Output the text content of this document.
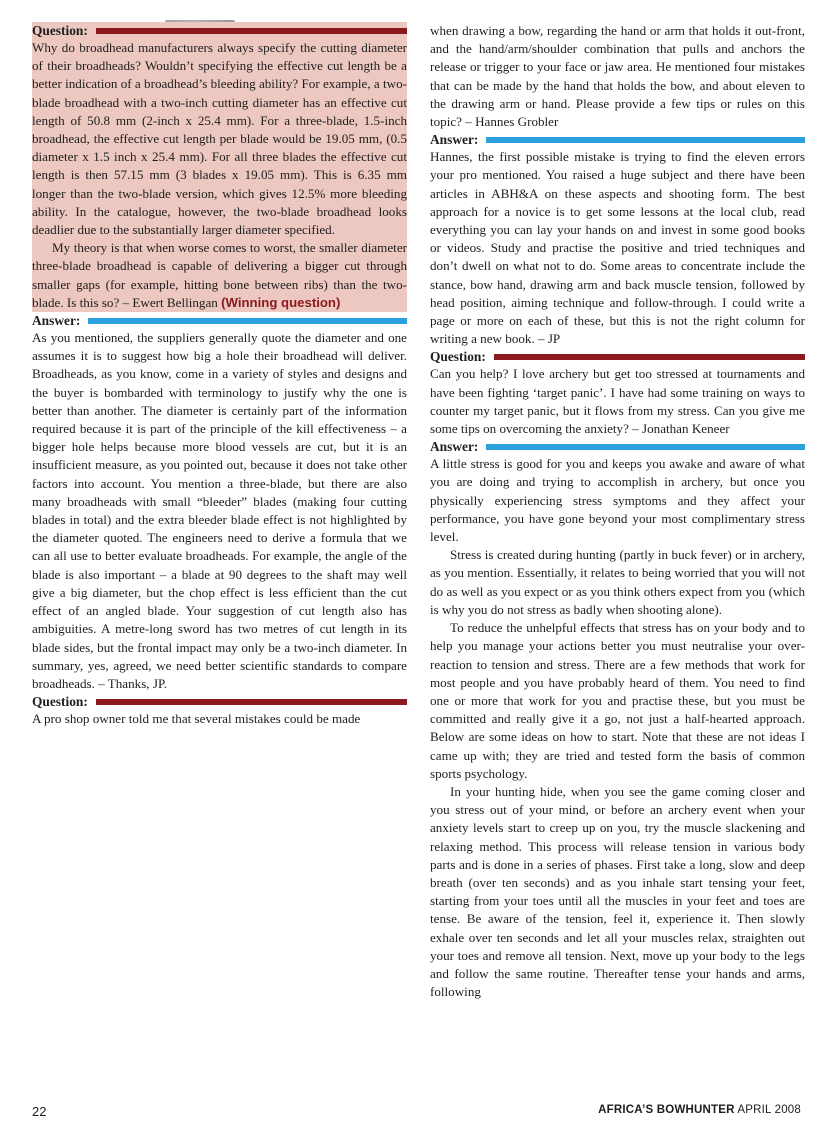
Question:

Why do broadhead manufacturers always specify the cutting diameter of their broadheads? Wouldn’t specifying the effective cut length be a better indication of a broadhead’s bleeding ability? For example, a two-blade broadhead with a two-inch cutting diameter has an effective cut length of 50.8 mm (2-inch x 25.4 mm). For a three-blade, 1.5-inch broadhead, the effective cut length per blade would be 19.05 mm, (0.5 diameter x 1.5 inch x 25.4 mm). For all three blades the effective cut length is then 57.15 mm (3 blades x 19.05 mm). This is 6.35 mm longer than the two-blade version, which gives 12.5% more bleeding ability. In the catalogue, however, the two-blade broadhead looks deadlier due to the substantially larger diameter specified.

My theory is that when worse comes to worst, the smaller diameter three-blade broadhead is capable of delivering a bigger cut through smaller gaps (for example, hitting bone between ribs) than the two-blade. Is this so? – Ewert Bellingan (Winning question)

Answer:

As you mentioned, the suppliers generally quote the diameter and one assumes it is to suggest how big a hole their broadhead will deliver. Broadheads, as you know, come in a variety of styles and designs and the buyer is bombarded with terminology to justify why the one is better than another. The diameter is certainly part of the information required because it is part of the principle of the kill effectiveness – a bigger hole helps because more blood vessels are cut, but it is an insufficient measure, as you pointed out, because it does not take other factors into account. You mention a three-blade, but there are also many broadheads with small “bleeder” blades (making four cutting blades in total) and the extra bleeder blade effect is not highlighted by the diameter quoted. The engineers need to derive a formula that we can all use to better evaluate broadheads. For example, the angle of the blade is also important – a blade at 90 degrees to the shaft may well give a big diameter, but the chop effect is less efficient than the cut effect of an angled blade. Your suggestion of cut length also has ambiguities. A metre-long sword has two metres of cut length in its blade sides, but the frontal impact may only be a two-inch diameter. In summary, yes, agreed, we need better scientific standards to compare broadheads. – Thanks, JP.

Question:

A pro shop owner told me that several mistakes could be made

when drawing a bow, regarding the hand or arm that holds it out-front, and the hand/arm/shoulder combination that pulls and anchors the release or trigger to your face or jaw area. He mentioned four mistakes that can be made by the hand that holds the bow, and about eleven to the drawing arm or hand. Please provide a few tips or rules on this topic? – Hannes Grobler

Answer:

Hannes, the first possible mistake is trying to find the eleven errors your pro mentioned. You raised a huge subject and there have been articles in ABH&A on these aspects and shooting form. The best approach for a novice is to get some lessons at the local club, read everything you can lay your hands on and invest in some good books or videos. Study and practise the positive and tried techniques and don’t dwell on what not to do. Some areas to concentrate include the stance, bow hand, drawing arm and back muscle tension, followed by head position, aiming technique and follow-through. I could write a page or more on each of these, but this is not the right column for writing a new book. – JP

Question:

Can you help? I love archery but get too stressed at tournaments and have been fighting ‘target panic’. I have had some training on ways to counter my target panic, but it flows from my stress. Can you give me some tips on overcoming the anxiety? – Jonathan Keneer

Answer:

A little stress is good for you and keeps you awake and aware of what you are doing and trying to accomplish in archery, but once you physically experiencing stress symptoms and they affect your performance, you have gone beyond your most complimentary stress level.

Stress is created during hunting (partly in buck fever) or in archery, as you mention. Essentially, it relates to being worried that you will not do as well as you expect or as you think others expect from you (which is why you do not stress as badly when shooting alone).

To reduce the unhelpful effects that stress has on your body and to help you manage your actions better you must neutralise your over-reaction to tension and stress. There are a few methods that work for most people and you have probably heard of them. You need to find one or more that work for you and practise these, but you must be committed and really give it a go, not just a half-hearted approach. Below are some ideas on how to start. Note that these are not ideas I came up with; they are tried and tested form the basis of common sports psychology.

In your hunting hide, when you see the game coming closer and you stress out of your mind, or before an archery event when your anxiety levels start to creep up on you, try the muscle slackening and relaxing method. This process will release tension in various body parts and is done in a series of phases. First take a long, slow and deep breath (over ten seconds) and as you inhale start tensing your feet, starting from your toes until all the muscles in your feet and toes are tense. Be aware of the tension, feel it, experience it. Then slowly exhale over ten seconds and let all your muscles relax, straighten out your toes and remove all tension. Next, move up your body to the legs and follow the same routine. Thereafter tense your hands and arms, following

22	AFRICA’S BOWHUNTER APRIL 2008
